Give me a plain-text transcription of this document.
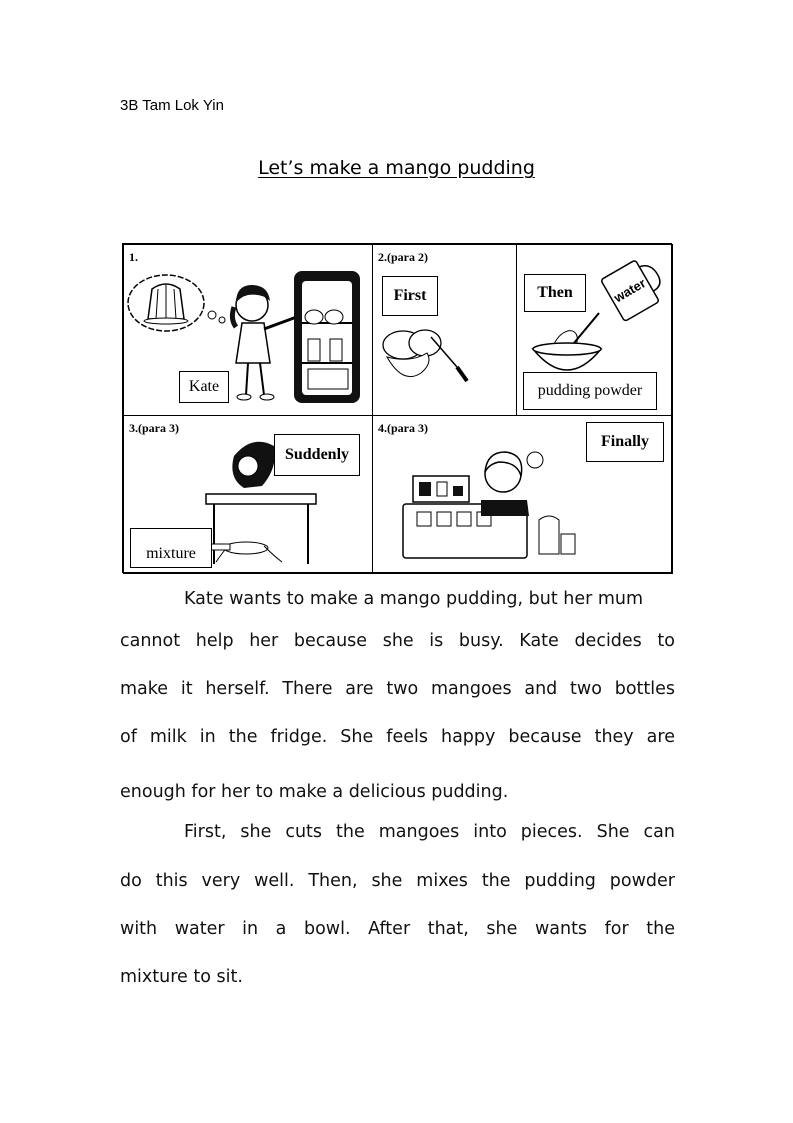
3B Tam Lok Yin
Let’s make a mango pudding
1.
Kate
2.(para 2)
First	water
Then
pudding powder
3.(para 3)
Suddenly
mixture
4.(para 3)
Finally
Kate wants to make a mango pudding, but her mum
cannot help her because she is busy. Kate decides to
make it herself. There are two mangoes and two bottles
of milk in the fridge. She feels happy because they are
enough for her to make a delicious pudding.
First, she cuts the mangoes into pieces. She can
do this very well. Then, she mixes the pudding powder
with water in a bowl. After that, she wants for the
mixture to sit.
